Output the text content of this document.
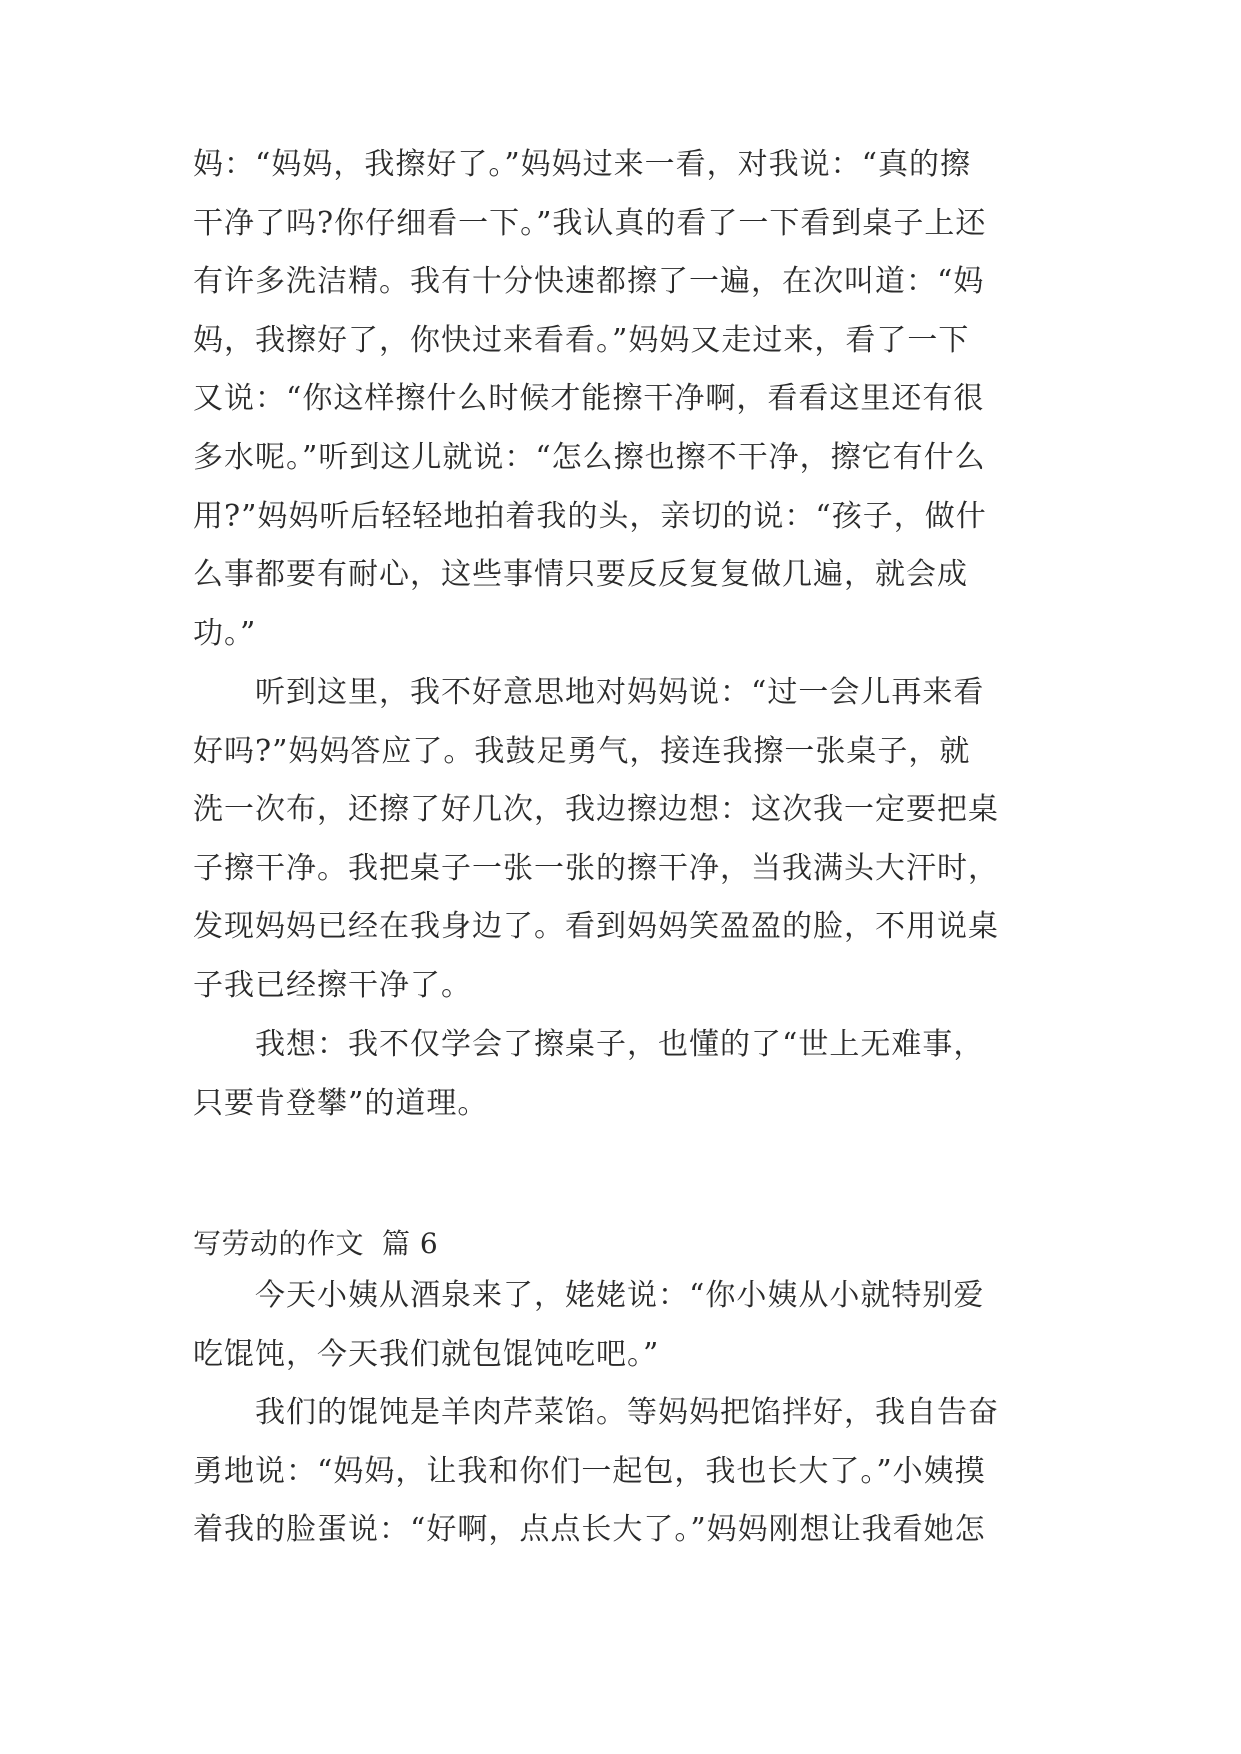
妈：“妈妈，我擦好了。”妈妈过来一看，对我说：“真的擦
干净了吗?你仔细看一下。”我认真的看了一下看到桌子上还
有许多洗洁精。我有十分快速都擦了一遍，在次叫道：“妈
妈，我擦好了，你快过来看看。”妈妈又走过来，看了一下
又说：“你这样擦什么时候才能擦干净啊，看看这里还有很
多水呢。”听到这儿就说：“怎么擦也擦不干净，擦它有什么
用?”妈妈听后轻轻地拍着我的头，亲切的说：“孩子，做什
么事都要有耐心，这些事情只要反反复复做几遍，就会成
功。”
听到这里，我不好意思地对妈妈说：“过一会儿再来看
好吗?”妈妈答应了。我鼓足勇气，接连我擦一张桌子，就
洗一次布，还擦了好几次，我边擦边想：这次我一定要把桌
子擦干净。我把桌子一张一张的擦干净，当我满头大汗时，
发现妈妈已经在我身边了。看到妈妈笑盈盈的脸，不用说桌
子我已经擦干净了。
我想：我不仅学会了擦桌子，也懂的了“世上无难事，
只要肯登攀”的道理。
写劳动的作文 篇 6
今天小姨从酒泉来了，姥姥说：“你小姨从小就特别爱
吃馄饨，今天我们就包馄饨吃吧。”
我们的馄饨是羊肉芹菜馅。等妈妈把馅拌好，我自告奋
勇地说：“妈妈，让我和你们一起包，我也长大了。”小姨摸
着我的脸蛋说：“好啊，点点长大了。”妈妈刚想让我看她怎
